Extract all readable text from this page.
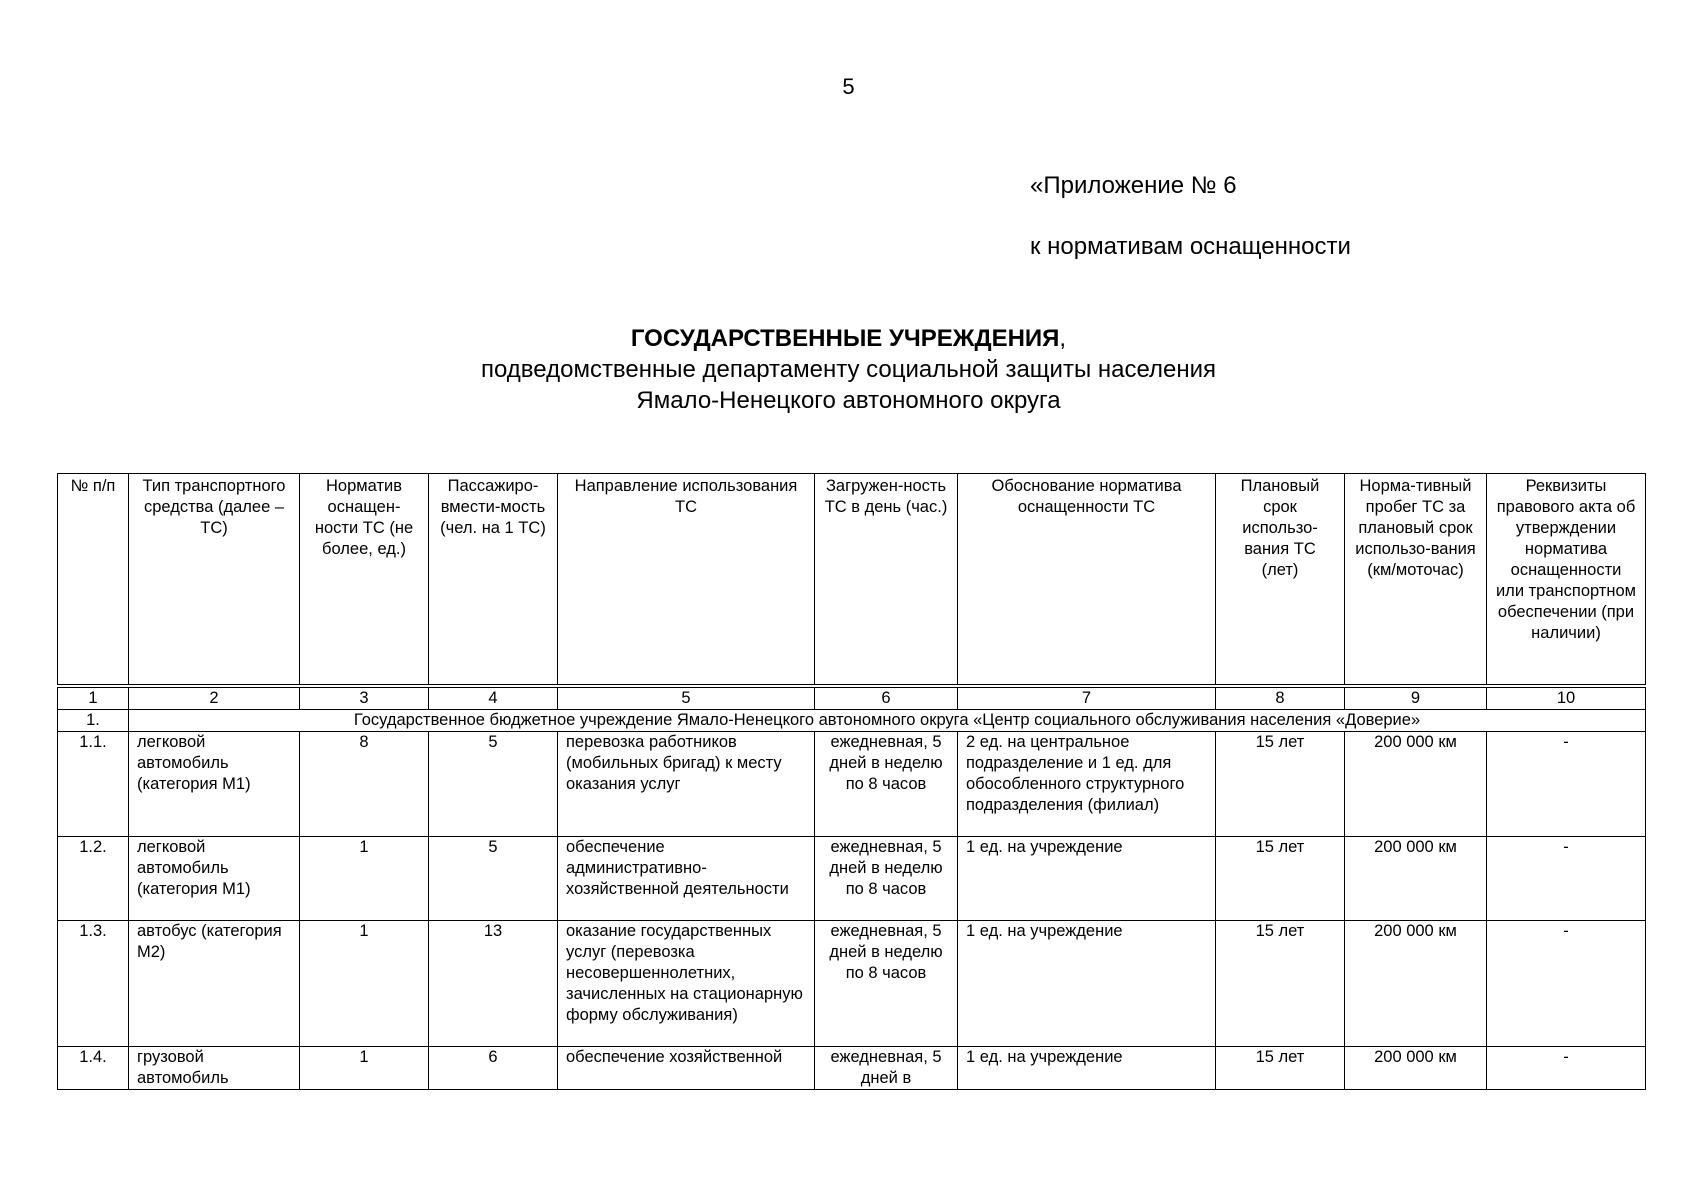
5
«Приложение № 6
к нормативам оснащенности
ГОСУДАРСТВЕННЫЕ УЧРЕЖДЕНИЯ,
подведомственные департаменту социальной защиты населения
Ямало-Ненецкого автономного округа
№ п/п	Тип транспортного средства (далее – ТС)	Норматив оснащен-ности ТС (не более, ед.)	Пассажиро-вмести-мость (чел. на 1 ТС)	Направление использования ТС	Загружен-ность ТС в день (час.)	Обоснование норматива оснащенности ТС	Плановый срок использо-вания ТС (лет)	Норма-тивный пробег ТС за плановый срок использо-вания (км/моточас)	Реквизиты правового акта об утверждении норматива оснащенности или транспортном обеспечении (при наличии)

1	2	3	4	5	6	7	8	9	10
1.	Государственное бюджетное учреждение Ямало-Ненецкого автономного округа «Центр социального обслуживания населения «Доверие»								
1.1.	легковой автомобиль (категория М1)	8	5	перевозка работников (мобильных бригад) к месту оказания услуг	ежедневная, 5 дней в неделю по 8 часов	2 ед. на центральное подразделение и 1 ед. для обособленного структурного подразделения (филиал)	15 лет	200 000 км	-
1.2.	легковой автомобиль (категория М1)	1	5	обеспечение административно-хозяйственной деятельности	ежедневная, 5 дней в неделю по 8 часов	1 ед. на учреждение	15 лет	200 000 км	-
1.3.	автобус (категория М2)	1	13	оказание государственных услуг (перевозка несовершеннолетних, зачисленных на стационарную форму обслуживания)	ежедневная, 5 дней в неделю по 8 часов	1 ед. на учреждение	15 лет	200 000 км	-
1.4.	грузовой автомобиль	1	6	обеспечение хозяйственной	ежедневная, 5 дней в	1 ед. на учреждение	15 лет	200 000 км	-
